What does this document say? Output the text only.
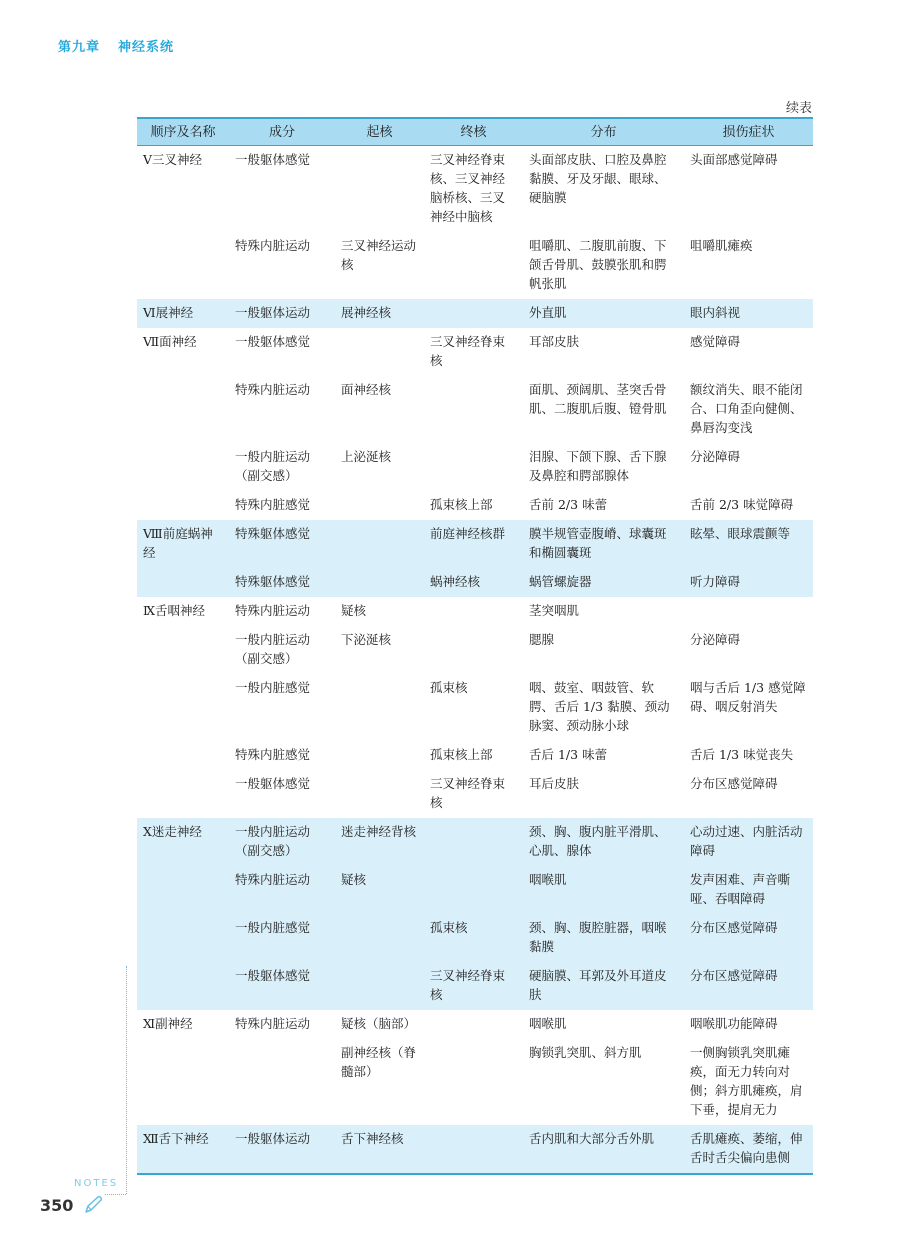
第九章 神经系统
续表
顺序及名称	成分	起核	终核	分布	损伤症状
Ⅴ三叉神经	一般躯体感觉		三叉神经脊束核、三叉神经脑桥核、三叉神经中脑核	头面部皮肤、口腔及鼻腔黏膜、牙及牙龈、眼球、硬脑膜	头面部感觉障碍
	特殊内脏运动	三叉神经运动核		咀嚼肌、二腹肌前腹、下颌舌骨肌、鼓膜张肌和腭帆张肌	咀嚼肌瘫痪
Ⅵ展神经	一般躯体运动	展神经核		外直肌	眼内斜视
Ⅶ面神经	一般躯体感觉		三叉神经脊束核	耳部皮肤	感觉障碍
	特殊内脏运动	面神经核		面肌、颈阔肌、茎突舌骨肌、二腹肌后腹、镫骨肌	额纹消失、眼不能闭合、口角歪向健侧、鼻唇沟变浅
	一般内脏运动（副交感）	上泌涎核		泪腺、下颌下腺、舌下腺及鼻腔和腭部腺体	分泌障碍
	特殊内脏感觉		孤束核上部	舌前 2/3 味蕾	舌前 2/3 味觉障碍
Ⅷ前庭蜗神经	特殊躯体感觉		前庭神经核群	膜半规管壶腹嵴、球囊斑和椭圆囊斑	眩晕、眼球震颤等
	特殊躯体感觉		蜗神经核	蜗管螺旋器	听力障碍
Ⅸ舌咽神经	特殊内脏运动	疑核		茎突咽肌	
	一般内脏运动（副交感）	下泌涎核		腮腺	分泌障碍
	一般内脏感觉		孤束核	咽、鼓室、咽鼓管、软腭、舌后 1/3 黏膜、颈动脉窦、颈动脉小球	咽与舌后 1/3 感觉障碍、咽反射消失
	特殊内脏感觉		孤束核上部	舌后 1/3 味蕾	舌后 1/3 味觉丧失
	一般躯体感觉		三叉神经脊束核	耳后皮肤	分布区感觉障碍
Ⅹ迷走神经	一般内脏运动（副交感）	迷走神经背核		颈、胸、腹内脏平滑肌、心肌、腺体	心动过速、内脏活动障碍
	特殊内脏运动	疑核		咽喉肌	发声困难、声音嘶哑、吞咽障碍
	一般内脏感觉		孤束核	颈、胸、腹腔脏器，咽喉黏膜	分布区感觉障碍
	一般躯体感觉		三叉神经脊束核	硬脑膜、耳郭及外耳道皮肤	分布区感觉障碍
Ⅺ副神经	特殊内脏运动	疑核（脑部）		咽喉肌	咽喉肌功能障碍
		副神经核（脊髓部）		胸锁乳突肌、斜方肌	一侧胸锁乳突肌瘫痪，面无力转向对侧；斜方肌瘫痪，肩下垂，提肩无力
Ⅻ舌下神经	一般躯体运动	舌下神经核		舌内肌和大部分舌外肌	舌肌瘫痪、萎缩，伸舌时舌尖偏向患侧
NOTES
350
